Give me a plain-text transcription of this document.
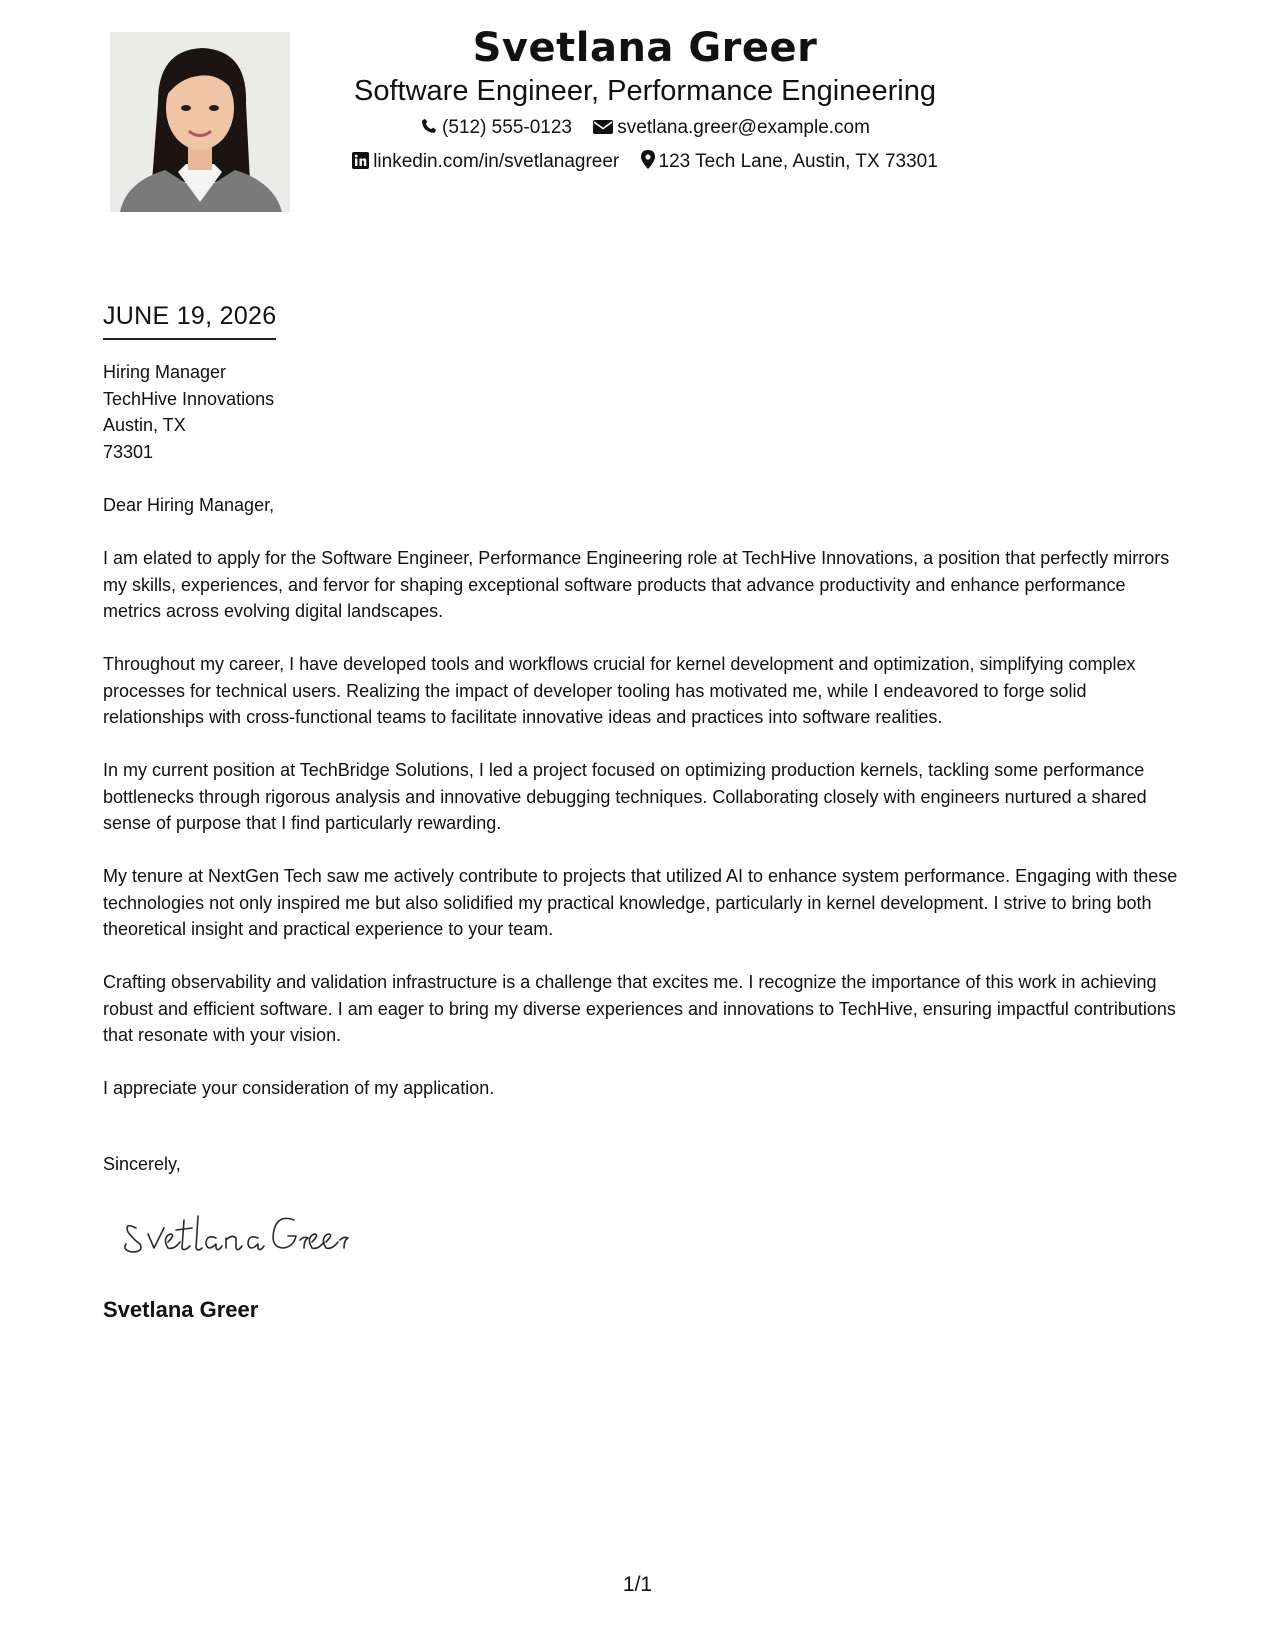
Svetlana Greer
Software Engineer, Performance Engineering
(512) 555-0123 svetlana.greer@example.com
linkedin.com/in/svetlanagreer 123 Tech Lane, Austin, TX 73301
JUNE 19, 2026
Hiring Manager
TechHive Innovations
Austin, TX
73301

Dear Hiring Manager,

I am elated to apply for the Software Engineer, Performance Engineering role at TechHive Innovations, a position that perfectly mirrors my skills, experiences, and fervor for shaping exceptional software products that advance productivity and enhance performance metrics across evolving digital landscapes.

Throughout my career, I have developed tools and workflows crucial for kernel development and optimization, simplifying complex processes for technical users. Realizing the impact of developer tooling has motivated me, while I endeavored to forge solid relationships with cross-functional teams to facilitate innovative ideas and practices into software realities.

In my current position at TechBridge Solutions, I led a project focused on optimizing production kernels, tackling some performance bottlenecks through rigorous analysis and innovative debugging techniques. Collaborating closely with engineers nurtured a shared sense of purpose that I find particularly rewarding.

My tenure at NextGen Tech saw me actively contribute to projects that utilized AI to enhance system performance. Engaging with these technologies not only inspired me but also solidified my practical knowledge, particularly in kernel development. I strive to bring both theoretical insight and practical experience to your team.

Crafting observability and validation infrastructure is a challenge that excites me. I recognize the importance of this work in achieving robust and efficient software. I am eager to bring my diverse experiences and innovations to TechHive, ensuring impactful contributions that resonate with your vision.

I appreciate your consideration of my application.

Sincerely,
Svetlana Greer
1/1
